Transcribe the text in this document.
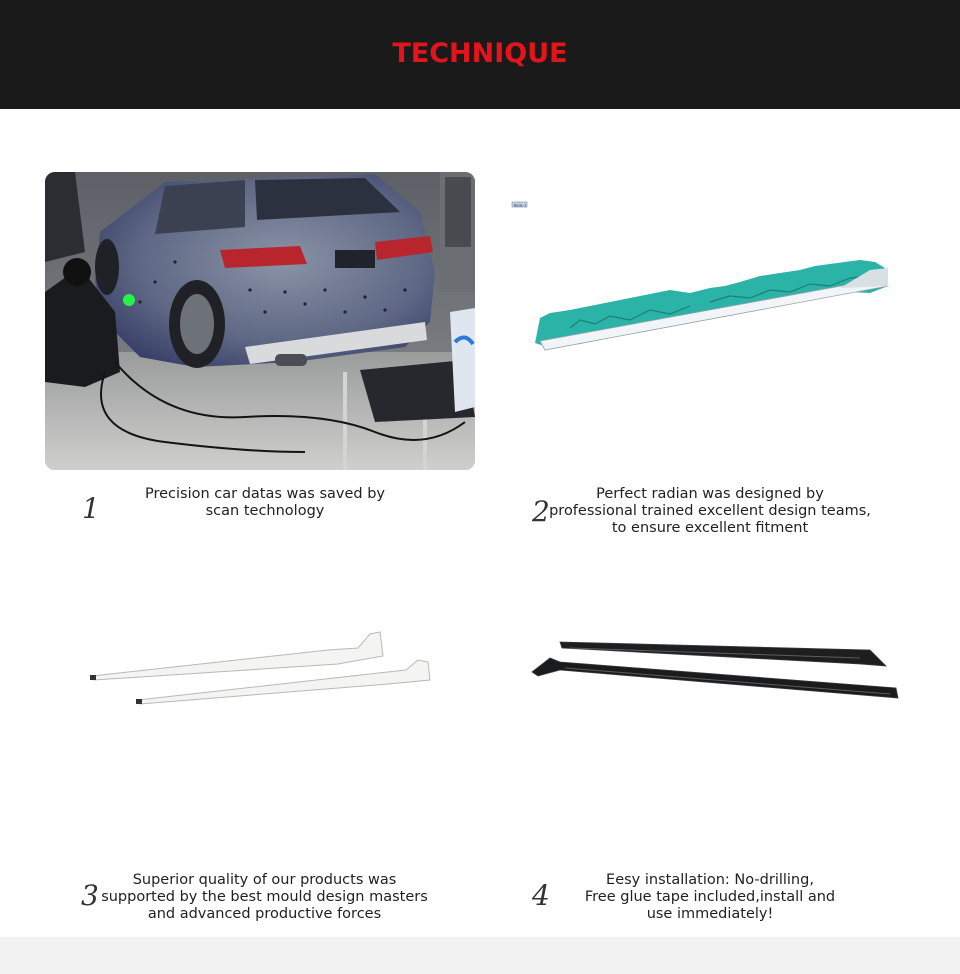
TECHNIQUE
Body 1
1	2
3	4
Precision car datas was saved by
scan technology
Perfect radian was designed by
professional trained excellent design teams,
to ensure excellent fitment
Superior quality of our products was
supported by the best mould design masters
and advanced productive forces
Eesy installation: No-drilling,
Free glue tape included,install and
use immediately!
